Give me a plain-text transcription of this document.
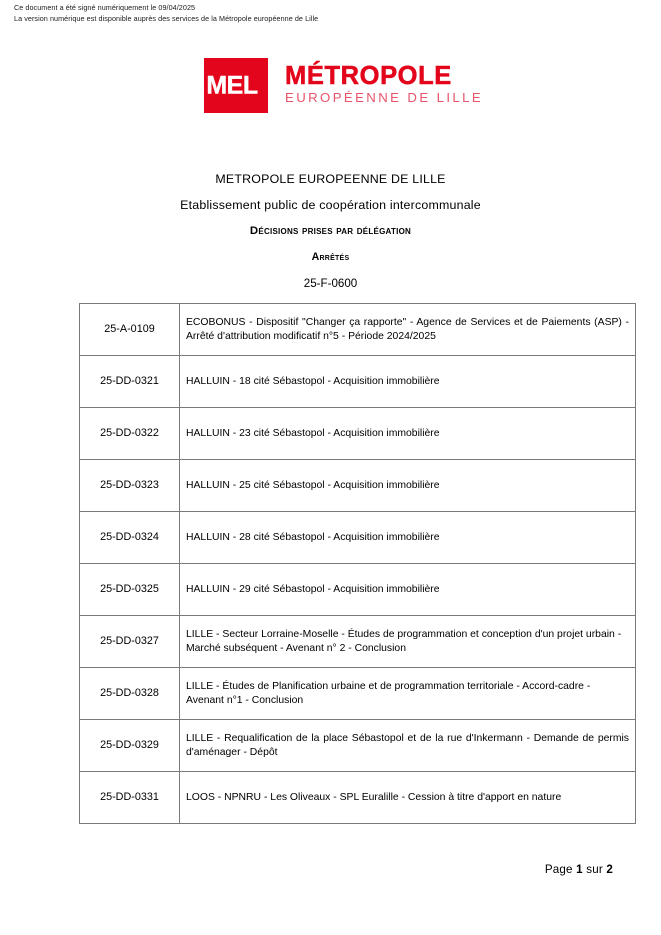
Ce document a été signé numériquement le 09/04/2025
La version numérique est disponible auprès des services de la Métropole européenne de Lille
MEL	MÉTROPOLE
EUROPÉENNE DE LILLE
METROPOLE EUROPEENNE DE LILLE
Etablissement public de coopération intercommunale
Décisions prises par délégation
Arrêtés
25-F-0600
25-A-0109	ECOBONUS - Dispositif "Changer ça rapporte" - Agence de Services et de Paiements (ASP) - Arrêté d'attribution modificatif n°5 - Période 2024/2025
25-DD-0321	HALLUIN - 18 cité Sébastopol - Acquisition immobilière
25-DD-0322	HALLUIN - 23 cité Sébastopol - Acquisition immobilière
25-DD-0323	HALLUIN - 25 cité Sébastopol - Acquisition immobilière
25-DD-0324	HALLUIN - 28 cité Sébastopol - Acquisition immobilière
25-DD-0325	HALLUIN - 29 cité Sébastopol - Acquisition immobilière
25-DD-0327	LILLE - Secteur Lorraine-Moselle - Études de programmation et conception d'un projet urbain - Marché subséquent - Avenant n° 2 - Conclusion
25-DD-0328	LILLE - Études de Planification urbaine et de programmation territoriale - Accord-cadre - Avenant n°1 - Conclusion
25-DD-0329	LILLE - Requalification de la place Sébastopol et de la rue d'Inkermann - Demande de permis d'aménager - Dépôt
25-DD-0331	LOOS - NPNRU - Les Oliveaux - SPL Euralille - Cession à titre d'apport en nature
Page 1 sur 2
